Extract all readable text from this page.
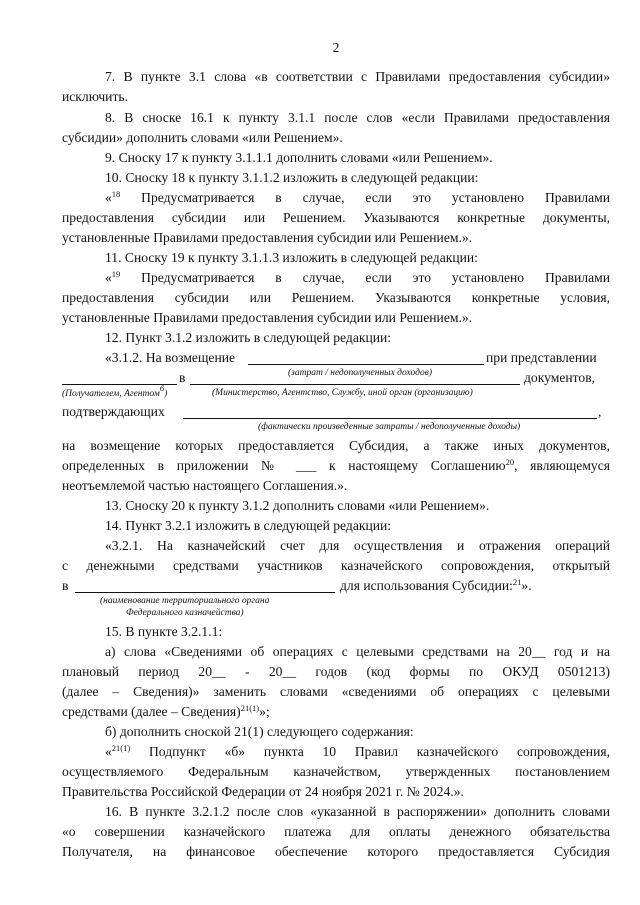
2
7. В пункте 3.1 слова «в соответствии с Правилами предоставления субсидии»
исключить.
8. В сноске 16.1 к пункту 3.1.1 после слов «если Правилами предоставления
субсидии» дополнить словами «или Решением».
9. Сноску 17 к пункту 3.1.1.1 дополнить словами «или Решением».
10. Сноску 18 к пункту 3.1.1.2 изложить в следующей редакции:
«$^{18}$ Предусматривается в случае, если это установлено Правилами
предоставления субсидии или Решением. Указываются конкретные документы,
установленные Правилами предоставления субсидии или Решением.».
11. Сноску 19 к пункту 3.1.1.3 изложить в следующей редакции:
«$^{19}$ Предусматривается в случае, если это установлено Правилами
предоставления субсидии или Решением. Указываются конкретные условия,
установленные Правилами предоставления субсидии или Решением.».
12. Пункт 3.1.2 изложить в следующей редакции:
«3.1.2. На возмещение	при представлении
(затрат / недополученных доходов)
в	документов,
(Получателем, Агентом$^6$)	(Министерство, Агентство, Службу, иной орган (организацию)
подтверждающих	,
(фактически произведенные затраты / недополученные доходы)
на возмещение которых предоставляется Субсидия, а также иных документов,
определенных в приложении № ___ к настоящему Соглашению$^{20}$, являющемуся
неотъемлемой частью настоящего Соглашения.».
13. Сноску 20 к пункту 3.1.2 дополнить словами «или Решением».
14. Пункт 3.2.1 изложить в следующей редакции:
«3.2.1. На казначейский счет для осуществления и отражения операций
с денежными средствами участников казначейского сопровождения, открытый
в	для использования Субсидии:$^{21}$».
(наименование территориального органа
Федерального казначейства)
15. В пункте 3.2.1.1:
а) слова «Сведениями об операциях с целевыми средствами на 20__ год и на
плановый период 20__ - 20__ годов (код формы по ОКУД 0501213)
(далее – Сведения)» заменить словами «сведениями об операциях с целевыми
средствами (далее – Сведения)$^{21(1)}$»;
б) дополнить сноской 21(1) следующего содержания:
«$^{21(1)}$ Подпункт «б» пункта 10 Правил казначейского сопровождения,
осуществляемого Федеральным казначейством, утвержденных постановлением
Правительства Российской Федерации от 24 ноября 2021 г. № 2024.».
16. В пункте 3.2.1.2 после слов «указанной в распоряжении» дополнить словами
«о совершении казначейского платежа для оплаты денежного обязательства
Получателя, на финансовое обеспечение которого предоставляется Субсидия
